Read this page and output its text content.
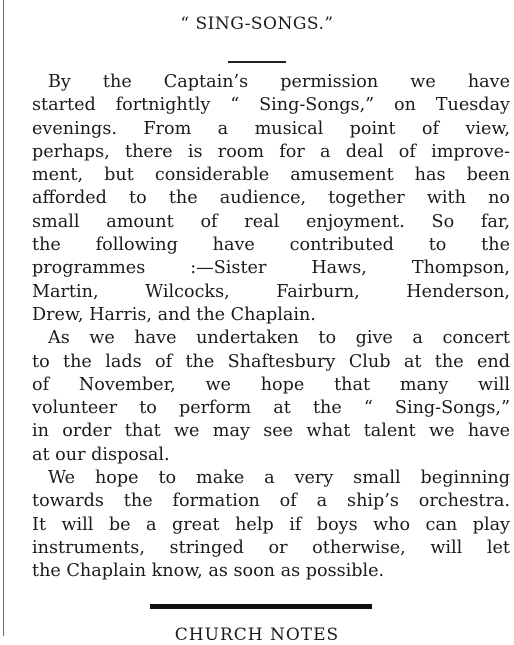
“ SING-SONGS.”

By the Captain’s permission we have
started fortnightly “ Sing-Songs,” on Tuesday
evenings. From a musical point of view,
perhaps, there is room for a deal of improve-
ment, but considerable amusement has been
afforded to the audience, together with no
small amount of real enjoyment. So far,
the following have contributed to the
programmes :—Sister Haws, Thompson,
Martin, Wilcocks, Fairburn, Henderson,
Drew, Harris, and the Chaplain.

As we have undertaken to give a concert
to the lads of the Shaftesbury Club at the end
of November, we hope that many will
volunteer to perform at the “ Sing-Songs,”
in order that we may see what talent we have
at our disposal.

We hope to make a very small beginning
towards the formation of a ship’s orchestra.
It will be a great help if boys who can play
instruments, stringed or otherwise, will let
the Chaplain know, as soon as possible.

CHURCH NOTES
